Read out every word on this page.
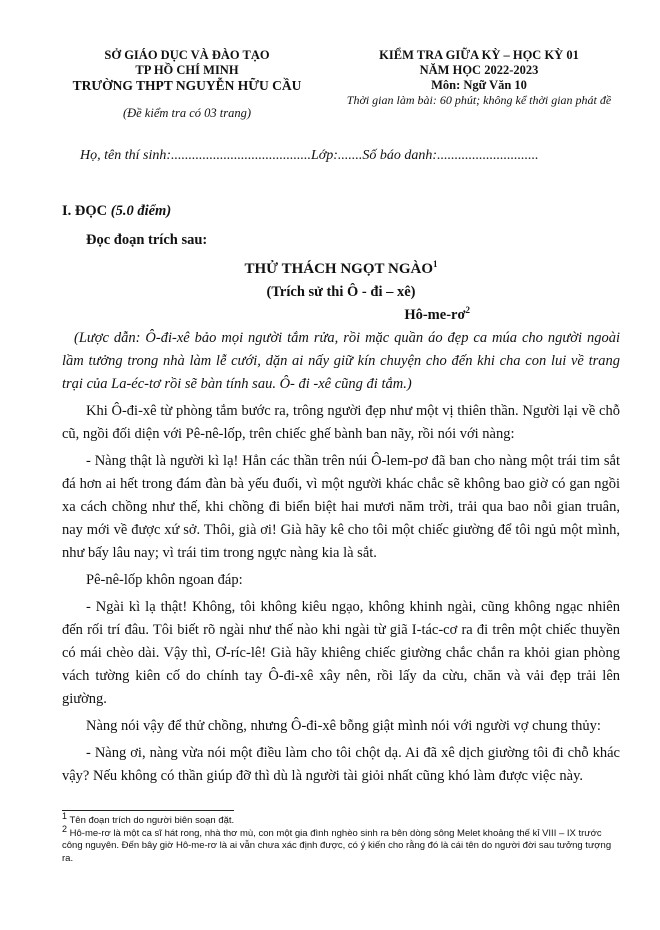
SỞ GIÁO DỤC VÀ ĐÀO TẠO
TP HỒ CHÍ MINH
TRƯỜNG THPT NGUYỄN HỮU CẦU
(Đề kiểm tra có 03 trang)
KIỂM TRA GIỮA KỲ – HỌC KỲ 01
NĂM HỌC 2022-2023
Môn: Ngữ Văn 10
Thời gian làm bài: 60 phút; không kể thời gian phát đề
Họ, tên thí sinh:........................................Lớp:.......Số báo danh:.............................

I. ĐỌC (5.0 điểm)

Đọc đoạn trích sau:

THỬ THÁCH NGỌT NGÀO$^1$

(Trích sử thi Ô - đi – xê)

$Hô-me-rơ^2$

(Lược dẫn: Ô-đi-xê bảo mọi người tắm rửa, rồi mặc quần áo đẹp ca múa cho người ngoài lầm tưởng trong nhà làm lễ cưới, dặn ai nấy giữ kín chuyện cho đến khi cha con lui về trang trại của La-éc-tơ rồi sẽ bàn tính sau. Ô- đi -xê cũng đi tắm.)

Khi Ô-đi-xê từ phòng tắm bước ra, trông người đẹp như một vị thiên thần. Người lại về chỗ cũ, ngồi đối diện với Pê-nê-lốp, trên chiếc ghế bành ban nãy, rồi nói với nàng:

- Nàng thật là người kì lạ! Hẳn các thần trên núi Ô-lem-pơ đã ban cho nàng một trái tim sắt đá hơn ai hết trong đám đàn bà yếu đuối, vì một người khác chắc sẽ không bao giờ có gan ngồi xa cách chồng như thế, khi chồng đi biển biệt hai mươi năm trời, trải qua bao nỗi gian truân, nay mới về được xứ sở. Thôi, già ơi! Già hãy kê cho tôi một chiếc giường để tôi ngủ một mình, như bấy lâu nay; vì trái tim trong ngực nàng kia là sắt.

Pê-nê-lốp khôn ngoan đáp:

- Ngài kì lạ thật! Không, tôi không kiêu ngạo, không khinh ngài, cũng không ngạc nhiên đến rối trí đâu. Tôi biết rõ ngài như thế nào khi ngài từ giã I-tác-cơ ra đi trên một chiếc thuyền có mái chèo dài. Vậy thì, Ơ-ríc-lê! Già hãy khiêng chiếc giường chắc chắn ra khỏi gian phòng vách tường kiên cố do chính tay Ô-đi-xê xây nên, rồi lấy da cừu, chăn và vải đẹp trải lên giường.

Nàng nói vậy để thử chồng, nhưng Ô-đi-xê bỗng giật mình nói với người vợ chung thủy:

- Nàng ơi, nàng vừa nói một điều làm cho tôi chột dạ. Ai đã xê dịch giường tôi đi chỗ khác vậy? Nếu không có thần giúp đỡ thì dù là người tài giỏi nhất cũng khó làm được việc này.

$^1$ Tên đoạn trích do người biên soạn đặt.

$^2$ Hô-me-rơ là một ca sĩ hát rong, nhà thơ mù, con một gia đình nghèo sinh ra bên dòng sông Melet khoảng thế kỉ VIII – IX trước công nguyên. Đến bây giờ Hô-me-rơ là ai vẫn chưa xác định được, có ý kiến cho rằng đó là cái tên do người đời sau tưởng tượng ra.
